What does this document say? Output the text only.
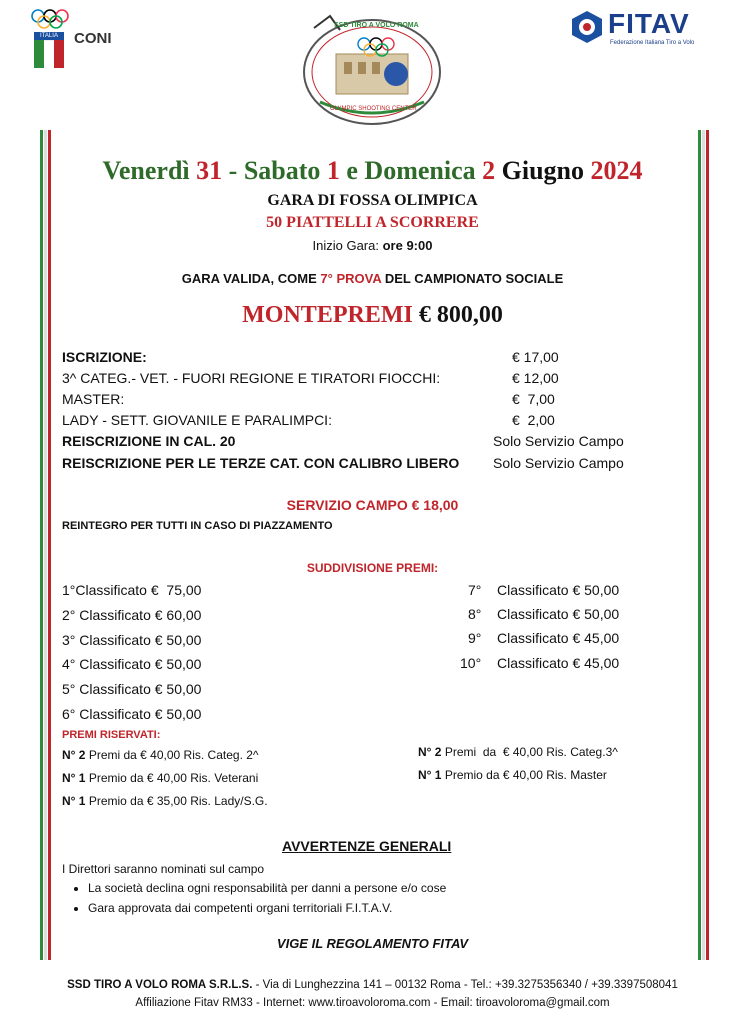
ITALIA	CONI
SSD TIRO A VOLO ROMA
OLYMPIC SHOOTING CENTER
FITAV
Federazione Italiana Tiro a Volo
Venerdì 31 - Sabato 1 e Domenica 2 Giugno 2024
GARA DI FOSSA OLIMPICA
50 PIATTELLI A SCORRERE
Inizio Gara: ore 9:00
GARA VALIDA, COME 7° PROVA DEL CAMPIONATO SOCIALE
MONTEPREMI € 800,00
ISCRIZIONE:	€ 17,00
3^ CATEG.- VET. - FUORI REGIONE E TIRATORI FIOCCHI:	€ 12,00
MASTER:	€  7,00
LADY - SETT. GIOVANILE E PARALIMPCI:	€  2,00
REISCRIZIONE IN CAL. 20	Solo Servizio Campo
REISCRIZIONE PER LE TERZE CAT. CON CALIBRO LIBERO Solo Servizio Campo
SERVIZIO CAMPO € 18,00
REINTEGRO PER TUTTI IN CASO DI PIAZZAMENTO
SUDDIVISIONE PREMI:
1°Classificato €  75,00
2° Classificato € 60,00
3° Classificato € 50,00
4° Classificato € 50,00
5° Classificato € 50,00
6° Classificato € 50,00
7° Classificato € 50,00
8° Classificato € 50,00
9° Classificato € 45,00
10° Classificato € 45,00
PREMI RISERVATI:
N° 2 Premi da € 40,00 Ris. Categ. 2^
N° 1 Premio da € 40,00 Ris. Veterani
N° 1 Premio da € 35,00 Ris. Lady/S.G.
N° 2 Premi  da  € 40,00 Ris. Categ.3^
N° 1 Premio da € 40,00 Ris. Master
AVVERTENZE GENERALI
I Direttori saranno nominati sul campo
• La società declina ogni responsabilità per danni a persone e/o cose
• Gara approvata dai competenti organi territoriali F.I.T.A.V.
VIGE IL REGOLAMENTO FITAV
SSD TIRO A VOLO ROMA S.R.L.S. - Via di Lunghezzina 141 – 00132 Roma - Tel.: +39.3275356340 / +39.3397508041
Affiliazione Fitav RM33 - Internet: www.tiroavoloroma.com - Email: tiroavoloroma@gmail.com
